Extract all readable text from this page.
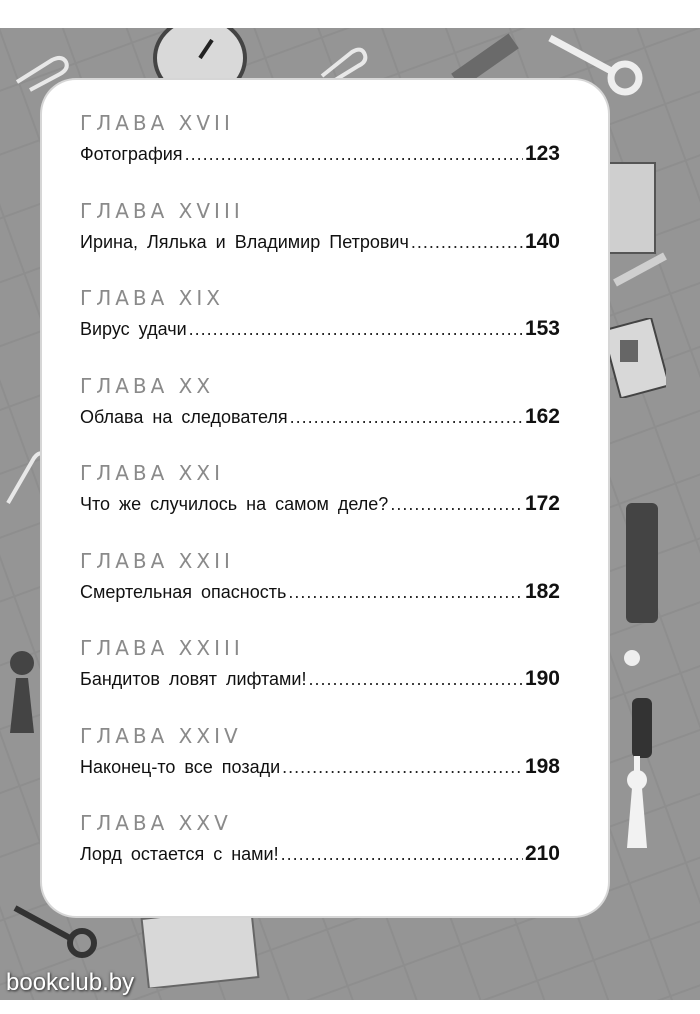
ГЛАВА XVII
Фотография .....	123
ГЛАВА XVIII
Ирина, Лялька и Владимир Петрович .....	140
ГЛАВА XIX
Вирус удачи .....	153
ГЛАВА XX
Облава на следователя .....	162
ГЛАВА XXI
Что же случилось на самом деле? .....	172
ГЛАВА XXII
Смертельная опасность .....	182
ГЛАВА XXIII
Бандитов ловят лифтами! .....	190
ГЛАВА XXIV
Наконец-то все позади .....	198
ГЛАВА XXV
Лорд остается с нами! .....	210
bookclub.by
